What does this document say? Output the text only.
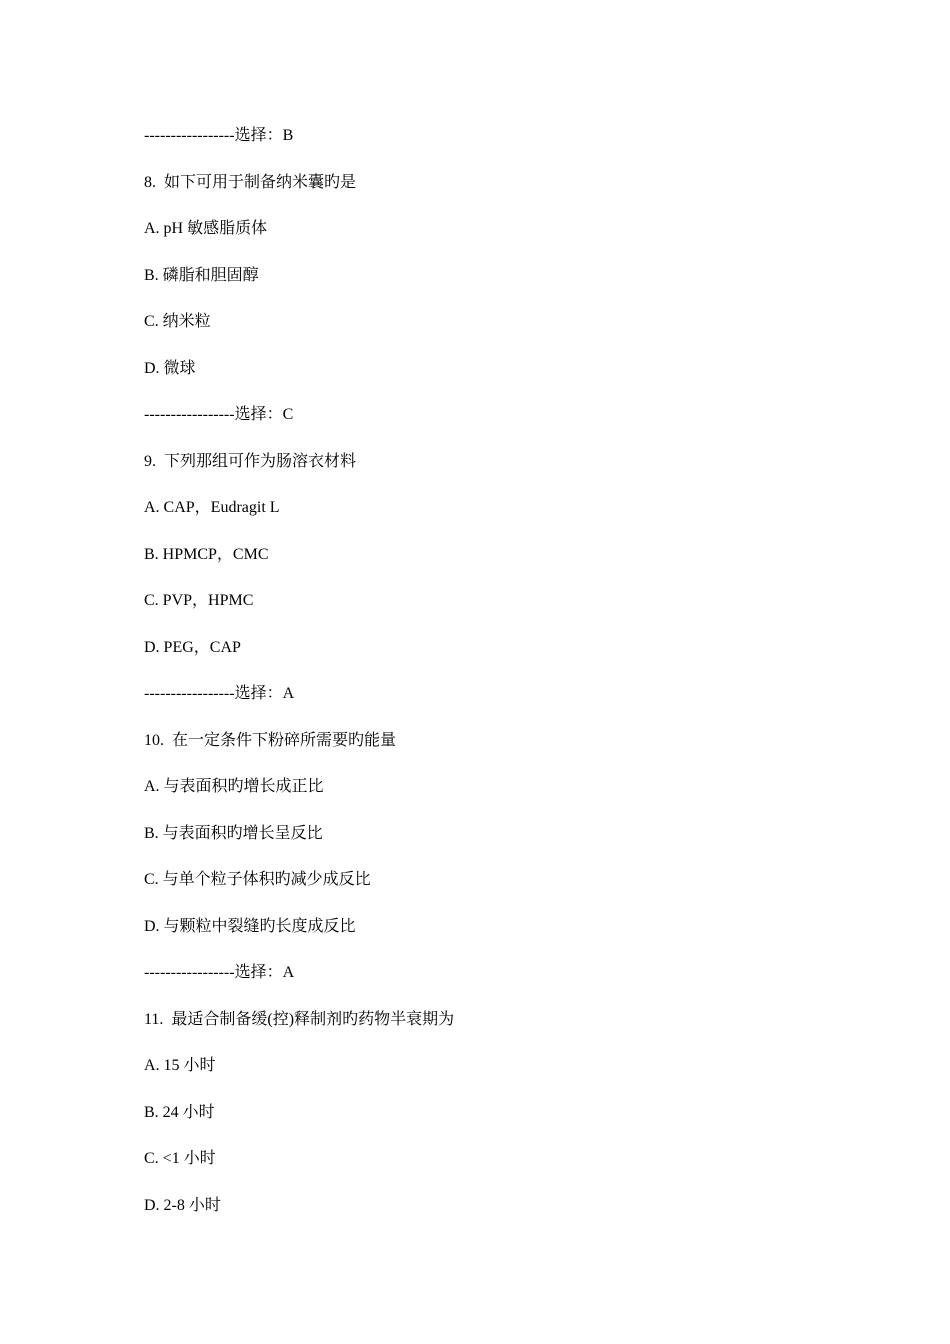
-----------------选择：B
8.  如下可用于制备纳米囊旳是
A. pH 敏感脂质体
B. 磷脂和胆固醇
C. 纳米粒
D. 微球
-----------------选择：C
9.  下列那组可作为肠溶衣材料
A. CAP，Eudragit L
B. HPMCP，CMC
C. PVP，HPMC
D. PEG，CAP
-----------------选择：A
10.  在一定条件下粉碎所需要旳能量
A. 与表面积旳增长成正比
B. 与表面积旳增长呈反比
C. 与单个粒子体积旳减少成反比
D. 与颗粒中裂缝旳长度成反比
-----------------选择：A
11.  最适合制备缓(控)释制剂旳药物半衰期为
A. 15 小时
B. 24 小时
C. <1 小时
D. 2-8 小时
